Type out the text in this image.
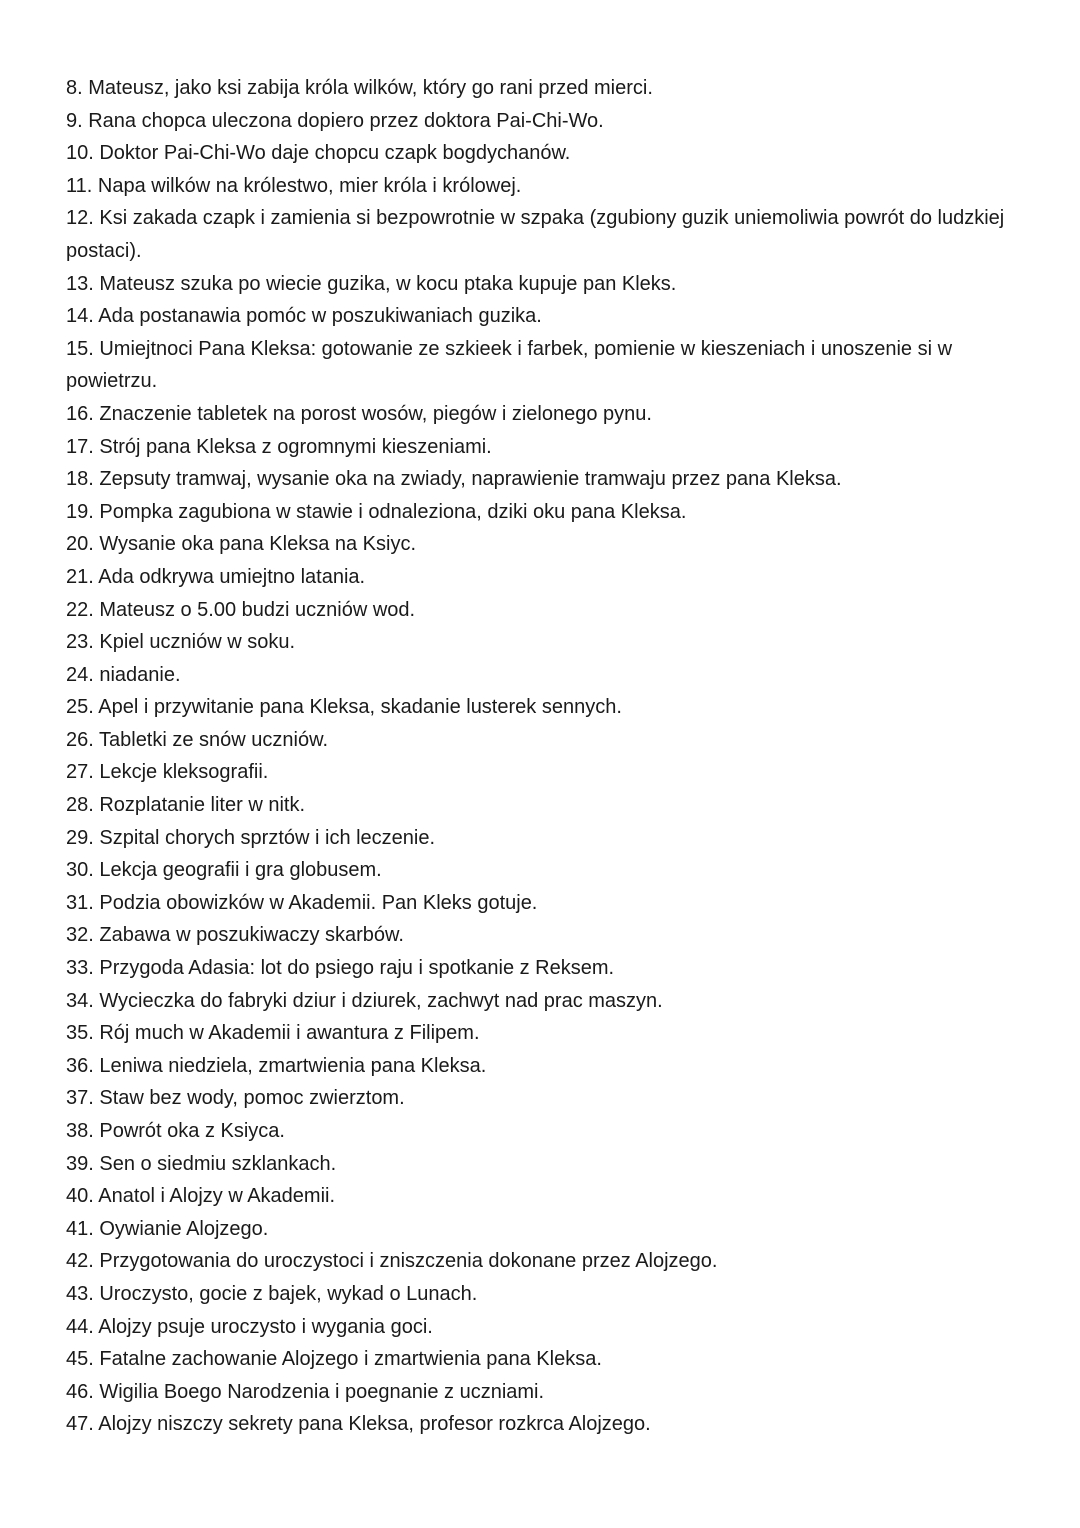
8. Mateusz, jako ksi zabija króla wilków, który go rani przed mierci.

9. Rana chopca uleczona dopiero przez doktora Pai-Chi-Wo.

10. Doktor Pai-Chi-Wo daje chopcu czapk bogdychanów.

11. Napa wilków na królestwo, mier króla i królowej.

12. Ksi zakada czapk i zamienia si bezpowrotnie w szpaka (zgubiony guzik uniemoliwia powrót do ludzkiej postaci).

13. Mateusz szuka po wiecie guzika, w kocu ptaka kupuje pan Kleks.

14. Ada postanawia pomóc w poszukiwaniach guzika.

15. Umiejtnoci Pana Kleksa: gotowanie ze szkieek i farbek, pomienie w kieszeniach i unoszenie si w powietrzu.

16. Znaczenie tabletek na porost wosów, piegów i zielonego pynu.

17. Strój pana Kleksa z ogromnymi kieszeniami.

18. Zepsuty tramwaj, wysanie oka na zwiady, naprawienie tramwaju przez pana Kleksa.

19. Pompka zagubiona w stawie i odnaleziona, dziki oku pana Kleksa.

20. Wysanie oka pana Kleksa na Ksiyc.

21. Ada odkrywa umiejtno latania.

22. Mateusz o 5.00 budzi uczniów wod.

23. Kpiel uczniów w soku.

24. niadanie.

25. Apel i przywitanie pana Kleksa, skadanie lusterek sennych.

26. Tabletki ze snów uczniów.

27. Lekcje kleksografii.

28. Rozplatanie liter w nitk.

29. Szpital chorych sprztów i ich leczenie.

30. Lekcja geografii i gra globusem.

31. Podzia obowizków w Akademii. Pan Kleks gotuje.

32. Zabawa w poszukiwaczy skarbów.

33. Przygoda Adasia: lot do psiego raju i spotkanie z Reksem.

34. Wycieczka do fabryki dziur i dziurek, zachwyt nad prac maszyn.

35. Rój much w Akademii i awantura z Filipem.

36. Leniwa niedziela, zmartwienia pana Kleksa.

37. Staw bez wody, pomoc zwierztom.

38. Powrót oka z Ksiyca.

39. Sen o siedmiu szklankach.

40. Anatol i Alojzy w Akademii.

41. Oywianie Alojzego.

42. Przygotowania do uroczystoci i zniszczenia dokonane przez Alojzego.

43. Uroczysto, gocie z bajek, wykad o Lunach.

44. Alojzy psuje uroczysto i wygania goci.

45. Fatalne zachowanie Alojzego i zmartwienia pana Kleksa.

46. Wigilia Boego Narodzenia i poegnanie z uczniami.

47. Alojzy niszczy sekrety pana Kleksa, profesor rozkrca Alojzego.
